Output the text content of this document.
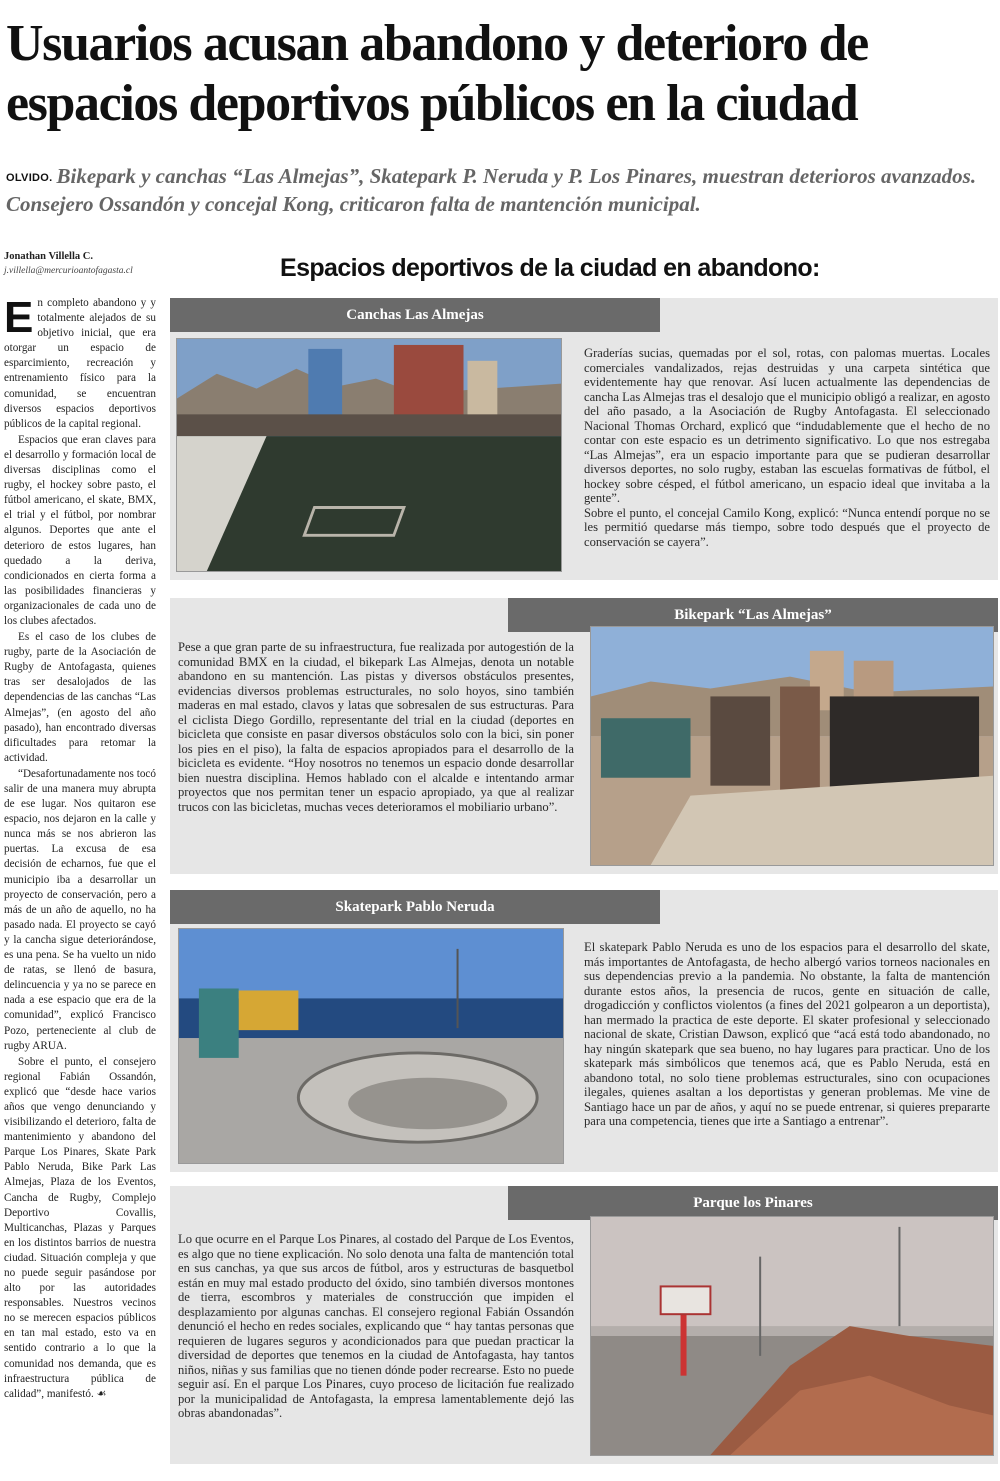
Usuarios acusan abandono y deterioro de espacios deportivos públicos en la ciudad
OLVIDO. Bikepark y canchas “Las Almejas”, Skatepark P. Neruda y P. Los Pinares, muestran deterioros avanzados. Consejero Ossandón y concejal Kong, criticaron falta de mantención municipal.
Jonathan Villella C.
j.villella@mercurioantofagasta.cl	Espacios deportivos de la ciudad en abandono:

En completo abandono y y totalmente alejados de su objetivo inicial, que era otorgar un espacio de esparcimiento, recreación y entrenamiento físico para la comunidad, se encuentran diversos espacios deportivos públicos de la capital regional.

Espacios que eran claves para el desarrollo y formación local de diversas disciplinas como el rugby, el hockey sobre pasto, el fútbol americano, el skate, BMX, el trial y el fútbol, por nombrar algunos. Deportes que ante el deterioro de estos lugares, han quedado a la deriva, condicionados en cierta forma a las posibilidades financieras y organizacionales de cada uno de los clubes afectados.

Es el caso de los clubes de rugby, parte de la Asociación de Rugby de Antofagasta, quienes tras ser desalojados de las dependencias de las canchas “Las Almejas”, (en agosto del año pasado), han encontrado diversas dificultades para retomar la actividad.

“Desafortunadamente nos tocó salir de una manera muy abrupta de ese lugar. Nos quitaron ese espacio, nos dejaron en la calle y nunca más se nos abrieron las puertas. La excusa de esa decisión de echarnos, fue que el municipio iba a desarrollar un proyecto de conservación, pero a más de un año de aquello, no ha pasado nada. El proyecto se cayó y la cancha sigue deteriorándose, es una pena. Se ha vuelto un nido de ratas, se llenó de basura, delincuencia y ya no se parece en nada a ese espacio que era de la comunidad”, explicó Francisco Pozo, perteneciente al club de rugby ARUA.

Sobre el punto, el consejero regional Fabián Ossandón, explicó que “desde hace varios años que vengo denunciando y visibilizando el deterioro, falta de mantenimiento y abandono del Parque Los Pinares, Skate Park Pablo Neruda, Bike Park Las Almejas, Plaza de los Eventos, Cancha de Rugby, Complejo Deportivo Covallis, Multicanchas, Plazas y Parques en los distintos barrios de nuestra ciudad. Situación compleja y que no puede seguir pasándose por alto por las autoridades responsables. Nuestros vecinos no se merecen espacios públicos en tan mal estado, esto va en sentido contrario a lo que la comunidad nos demanda, que es infraestructura pública de calidad”, manifestó. ☙

Canchas Las Almejas

Graderías sucias, quemadas por el sol, rotas, con palomas muertas. Locales comerciales vandalizados, rejas destruidas y una carpeta sintética que evidentemente hay que renovar. Así lucen actualmente las dependencias de cancha Las Almejas tras el desalojo que el municipio obligó a realizar, en agosto del año pasado, a la Asociación de Rugby Antofagasta. El seleccionado Nacional Thomas Orchard, explicó que “indudablemente que el hecho de no contar con este espacio es un detrimento significativo. Lo que nos estregaba “Las Almejas”, era un espacio importante para que se pudieran desarrollar diversos deportes, no solo rugby, estaban las escuelas formativas de fútbol, el hockey sobre césped, el fútbol americano, un espacio ideal que invitaba a la gente”.

Sobre el punto, el concejal Camilo Kong, explicó: “Nunca entendí porque no se les permitió quedarse más tiempo, sobre todo después que el proyecto de conservación se cayera”.

Bikepark “Las Almejas”

Pese a que gran parte de su infraestructura, fue realizada por autogestión de la comunidad BMX en la ciudad, el bikepark Las Almejas, denota un notable abandono en su mantención. Las pistas y diversos obstáculos presentes, evidencias diversos problemas estructurales, no solo hoyos, sino también maderas en mal estado, clavos y latas que sobresalen de sus estructuras. Para el ciclista Diego Gordillo, representante del trial en la ciudad (deportes en bicicleta que consiste en pasar diversos obstáculos solo con la bici, sin poner los pies en el piso), la falta de espacios apropiados para el desarrollo de la bicicleta es evidente. “Hoy nosotros no tenemos un espacio donde desarrollar bien nuestra disciplina. Hemos hablado con el alcalde e intentando armar proyectos que nos permitan tener un espacio apropiado, ya que al realizar trucos con las bicicletas, muchas veces deterioramos el mobiliario urbano”.

Skatepark Pablo Neruda

El skatepark Pablo Neruda es uno de los espacios para el desarrollo del skate, más importantes de Antofagasta, de hecho albergó varios torneos nacionales en sus dependencias previo a la pandemia. No obstante, la falta de mantención durante estos años, la presencia de rucos, gente en situación de calle, drogadicción y conflictos violentos (a fines del 2021 golpearon a un deportista), han mermado la practica de este deporte. El skater profesional y seleccionado nacional de skate, Cristian Dawson, explicó que “acá está todo abandonado, no hay ningún skatepark que sea bueno, no hay lugares para practicar. Uno de los skatepark más simbólicos que tenemos acá, que es Pablo Neruda, está en abandono total, no solo tiene problemas estructurales, sino con ocupaciones ilegales, quienes asaltan a los deportistas y generan problemas. Me vine de Santiago hace un par de años, y aquí no se puede entrenar, si quieres prepararte para una competencia, tienes que irte a Santiago a entrenar”.

Parque los Pinares

Lo que ocurre en el Parque Los Pinares, al costado del Parque de Los Eventos, es algo que no tiene explicación. No solo denota una falta de mantención total en sus canchas, ya que sus arcos de fútbol, aros y estructuras de basquetbol están en muy mal estado producto del óxido, sino también diversos montones de tierra, escombros y materiales de construcción que impiden el desplazamiento por algunas canchas. El consejero regional Fabián Ossandón denunció el hecho en redes sociales, explicando que “ hay tantas personas que requieren de lugares seguros y acondicionados para que puedan practicar la diversidad de deportes que tenemos en la ciudad de Antofagasta, hay tantos niños, niñas y sus familias que no tienen dónde poder recrearse. Esto no puede seguir así. En el parque Los Pinares, cuyo proceso de licitación fue realizado por la municipalidad de Antofagasta, la empresa lamentablemente dejó las obras abandonadas”.
